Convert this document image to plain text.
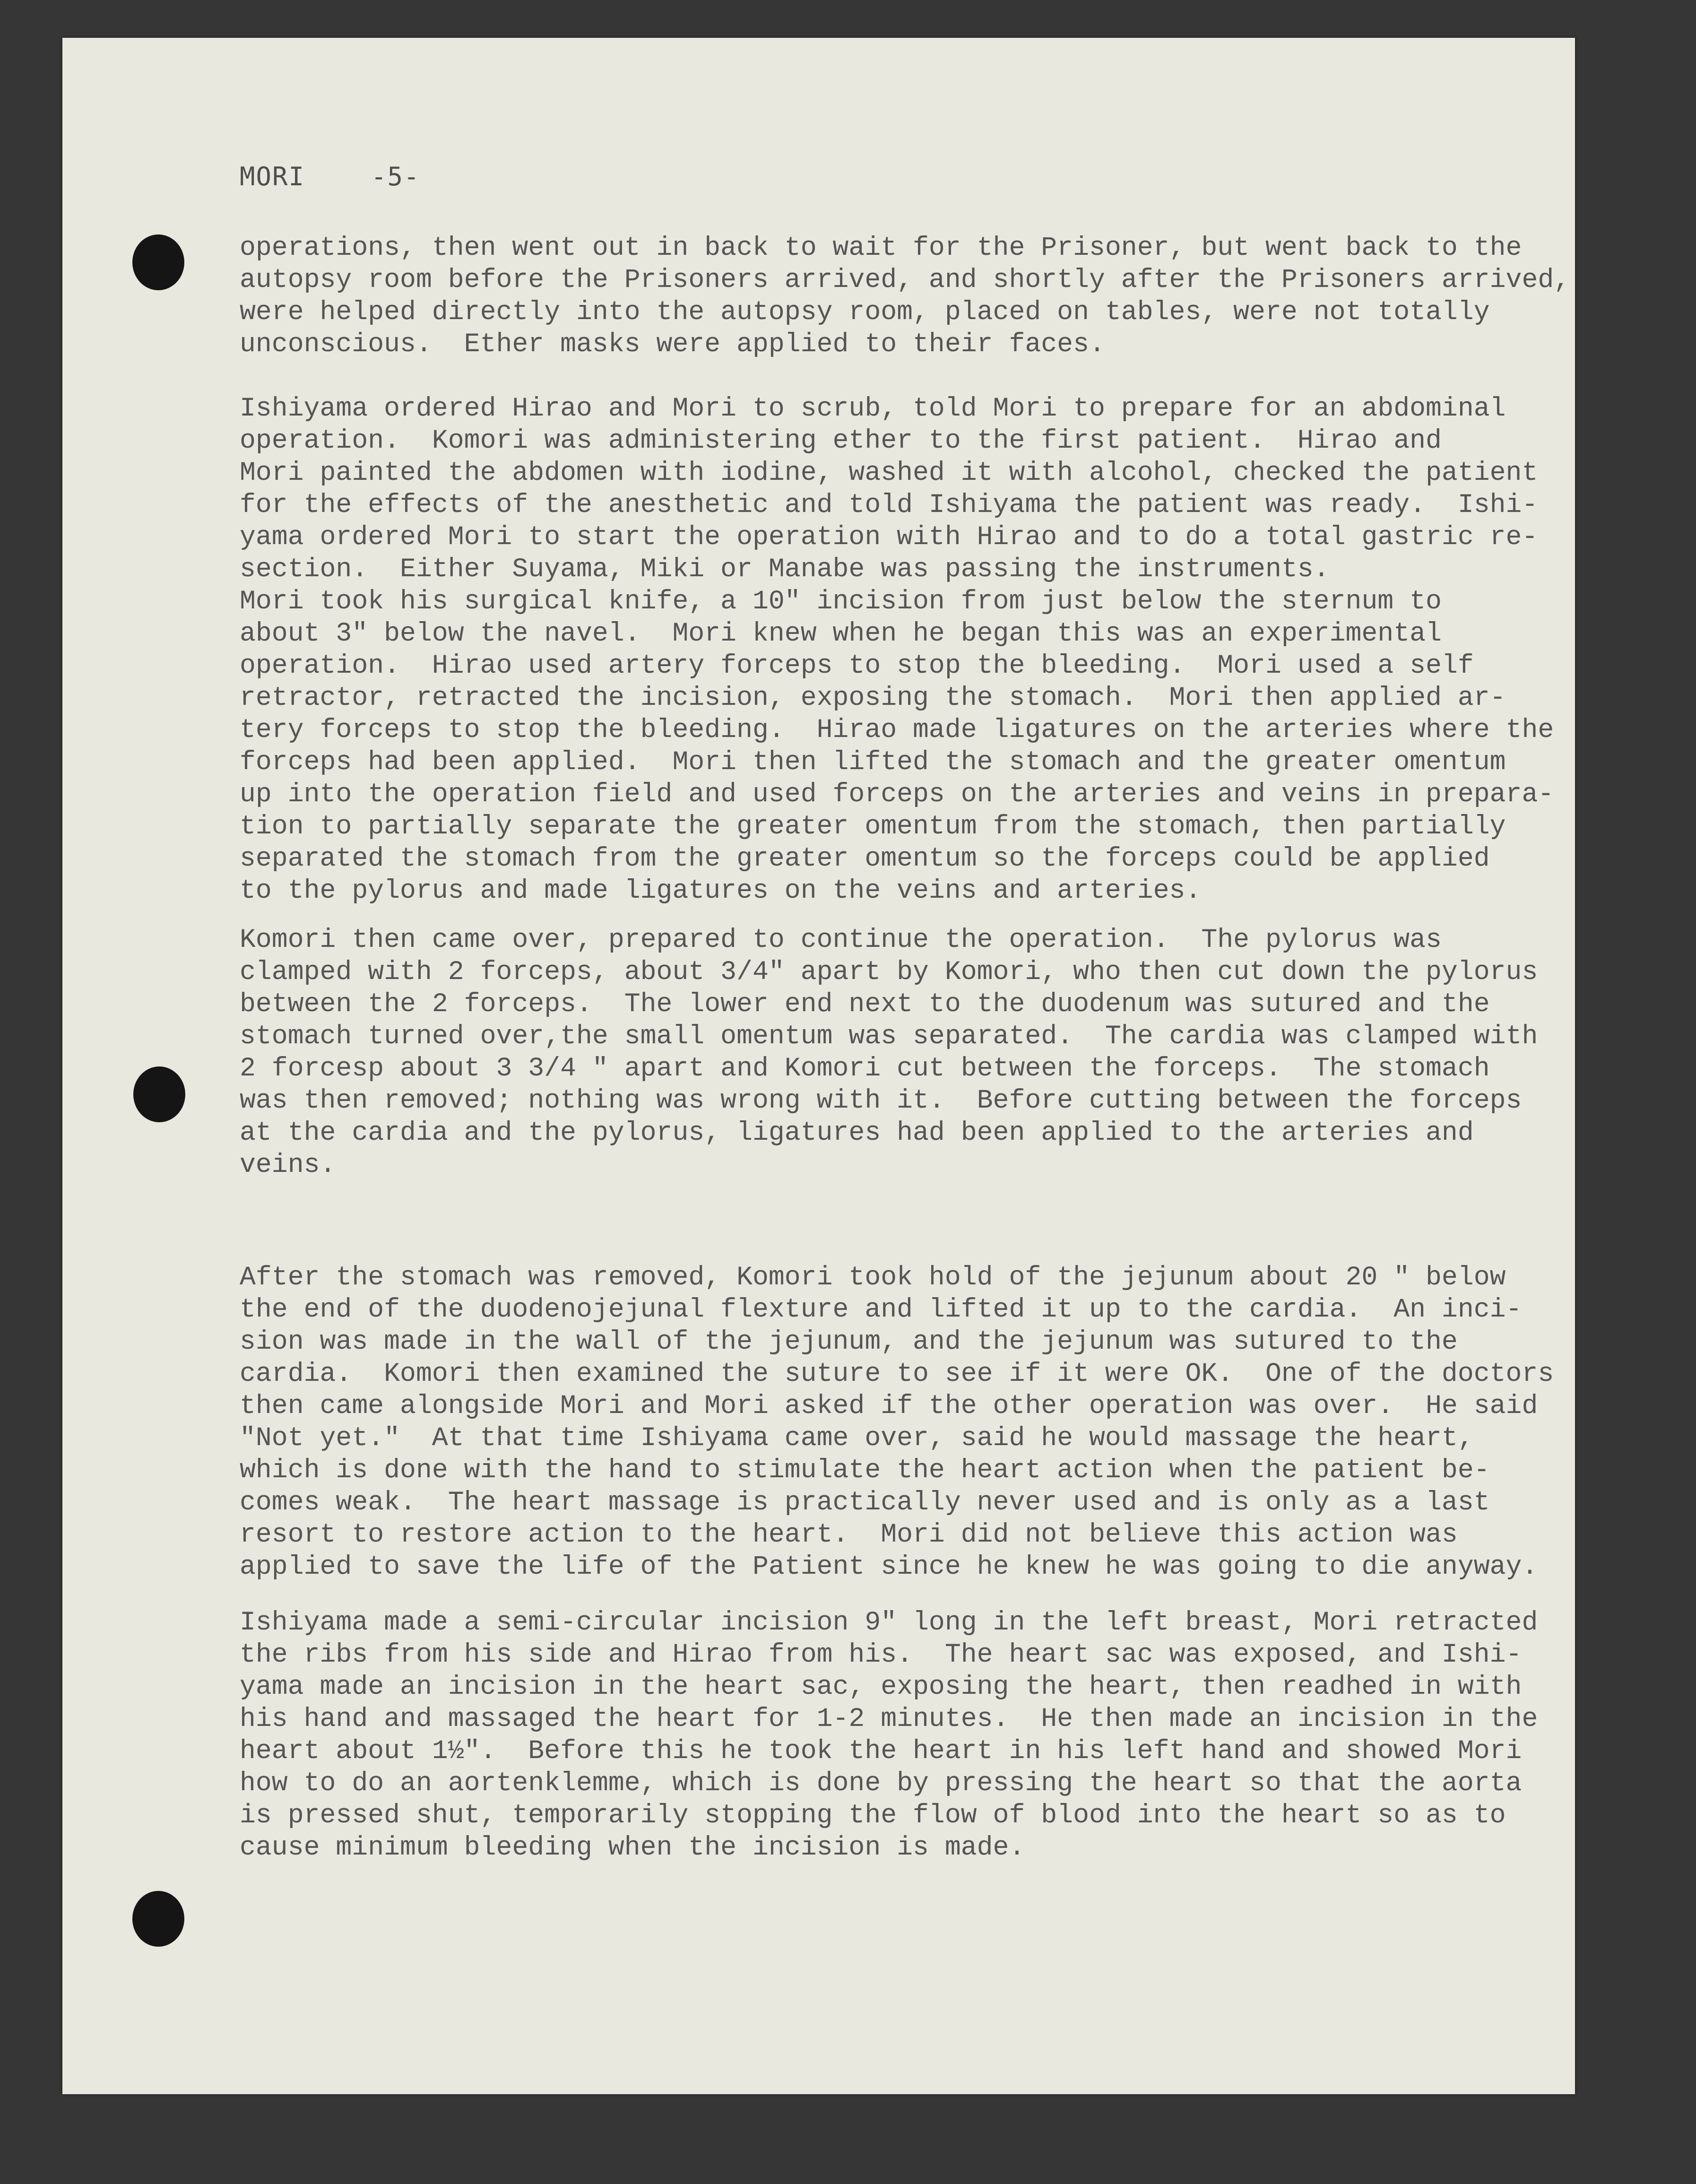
MORI	-5-
operations, then went out in back to wait for the Prisoner, but went back to the
autopsy room before the Prisoners arrived, and shortly after the Prisoners arrived,
were helped directly into the autopsy room, placed on tables, were not totally
unconscious.  Ether masks were applied to their faces.
Ishiyama ordered Hirao and Mori to scrub, told Mori to prepare for an abdominal
operation.  Komori was administering ether to the first patient.  Hirao and
Mori painted the abdomen with iodine, washed it with alcohol, checked the patient
for the effects of the anesthetic and told Ishiyama the patient was ready.  Ishi-
yama ordered Mori to start the operation with Hirao and to do a total gastric re-
section.  Either Suyama, Miki or Manabe was passing the instruments.
Mori took his surgical knife, a 10" incision from just below the sternum to
about 3" below the navel.  Mori knew when he began this was an experimental
operation.  Hirao used artery forceps to stop the bleeding.  Mori used a self
retractor, retracted the incision, exposing the stomach.  Mori then applied ar-
tery forceps to stop the bleeding.  Hirao made ligatures on the arteries where the
forceps had been applied.  Mori then lifted the stomach and the greater omentum
up into the operation field and used forceps on the arteries and veins in prepara-
tion to partially separate the greater omentum from the stomach, then partially
separated the stomach from the greater omentum so the forceps could be applied
to the pylorus and made ligatures on the veins and arteries.
Komori then came over, prepared to continue the operation.  The pylorus was
clamped with 2 forceps, about 3/4" apart by Komori, who then cut down the pylorus
between the 2 forceps.  The lower end next to the duodenum was sutured and the
stomach turned over,the small omentum was separated.  The cardia was clamped with
2 forcesp about 3 3/4 " apart and Komori cut between the forceps.  The stomach
was then removed; nothing was wrong with it.  Before cutting between the forceps
at the cardia and the pylorus, ligatures had been applied to the arteries and
veins.
After the stomach was removed, Komori took hold of the jejunum about 20 " below
the end of the duodenojejunal flexture and lifted it up to the cardia.  An inci-
sion was made in the wall of the jejunum, and the jejunum was sutured to the
cardia.  Komori then examined the suture to see if it were OK.  One of the doctors
then came alongside Mori and Mori asked if the other operation was over.  He said
"Not yet."  At that time Ishiyama came over, said he would massage the heart,
which is done with the hand to stimulate the heart action when the patient be-
comes weak.  The heart massage is practically never used and is only as a last
resort to restore action to the heart.  Mori did not believe this action was
applied to save the life of the Patient since he knew he was going to die anyway.
Ishiyama made a semi-circular incision 9" long in the left breast, Mori retracted
the ribs from his side and Hirao from his.  The heart sac was exposed, and Ishi-
yama made an incision in the heart sac, exposing the heart, then readhed in with
his hand and massaged the heart for 1-2 minutes.  He then made an incision in the
heart about 1½".  Before this he took the heart in his left hand and showed Mori
how to do an aortenklemme, which is done by pressing the heart so that the aorta
is pressed shut, temporarily stopping the flow of blood into the heart so as to
cause minimum bleeding when the incision is made.
